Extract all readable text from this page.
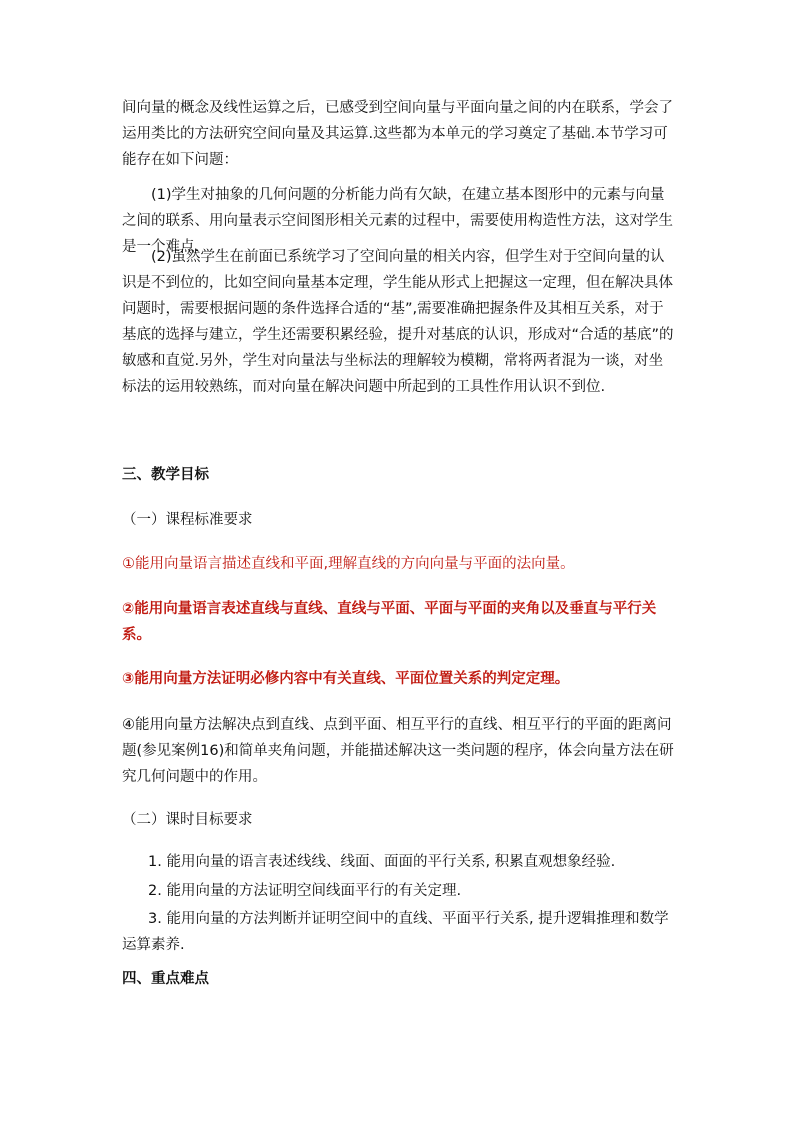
间向量的概念及线性运算之后，已感受到空间向量与平面向量之间的内在联系，学会了运用类比的方法研究空间向量及其运算.这些都为本单元的学习奠定了基础.本节学习可能存在如下问题：

(1)学生对抽象的几何问题的分析能力尚有欠缺，在建立基本图形中的元素与向量之间的联系、用向量表示空间图形相关元素的过程中，需要使用构造性方法，这对学生是一个难点.

(2)虽然学生在前面已系统学习了空间向量的相关内容，但学生对于空间向量的认识是不到位的，比如空间向量基本定理，学生能从形式上把握这一定理，但在解决具体问题时，需要根据问题的条件选择合适的“基”,需要准确把握条件及其相互关系，对于基底的选择与建立，学生还需要积累经验，提升对基底的认识，形成对“合适的基底”的敏感和直觉.另外，学生对向量法与坐标法的理解较为模糊，常将两者混为一谈，对坐标法的运用较熟练，而对向量在解决问题中所起到的工具性作用认识不到位.

三、教学目标

（一）课程标准要求

①能用向量语言描述直线和平面,理解直线的方向向量与平面的法向量。

②能用向量语言表述直线与直线、直线与平面、平面与平面的夹角以及垂直与平行关系。

③能用向量方法证明必修内容中有关直线、平面位置关系的判定定理。

④能用向量方法解决点到直线、点到平面、相互平行的直线、相互平行的平面的距离问题(参见案例16)和简单夹角问题，并能描述解决这一类问题的程序，体会向量方法在研究几何问题中的作用。

（二）课时目标要求

1. 能用向量的语言表述线线、线面、面面的平行关系, 积累直观想象经验.

2. 能用向量的方法证明空间线面平行的有关定理.

3. 能用向量的方法判断并证明空间中的直线、平面平行关系, 提升逻辑推理和数学运算素养.

四、重点难点
